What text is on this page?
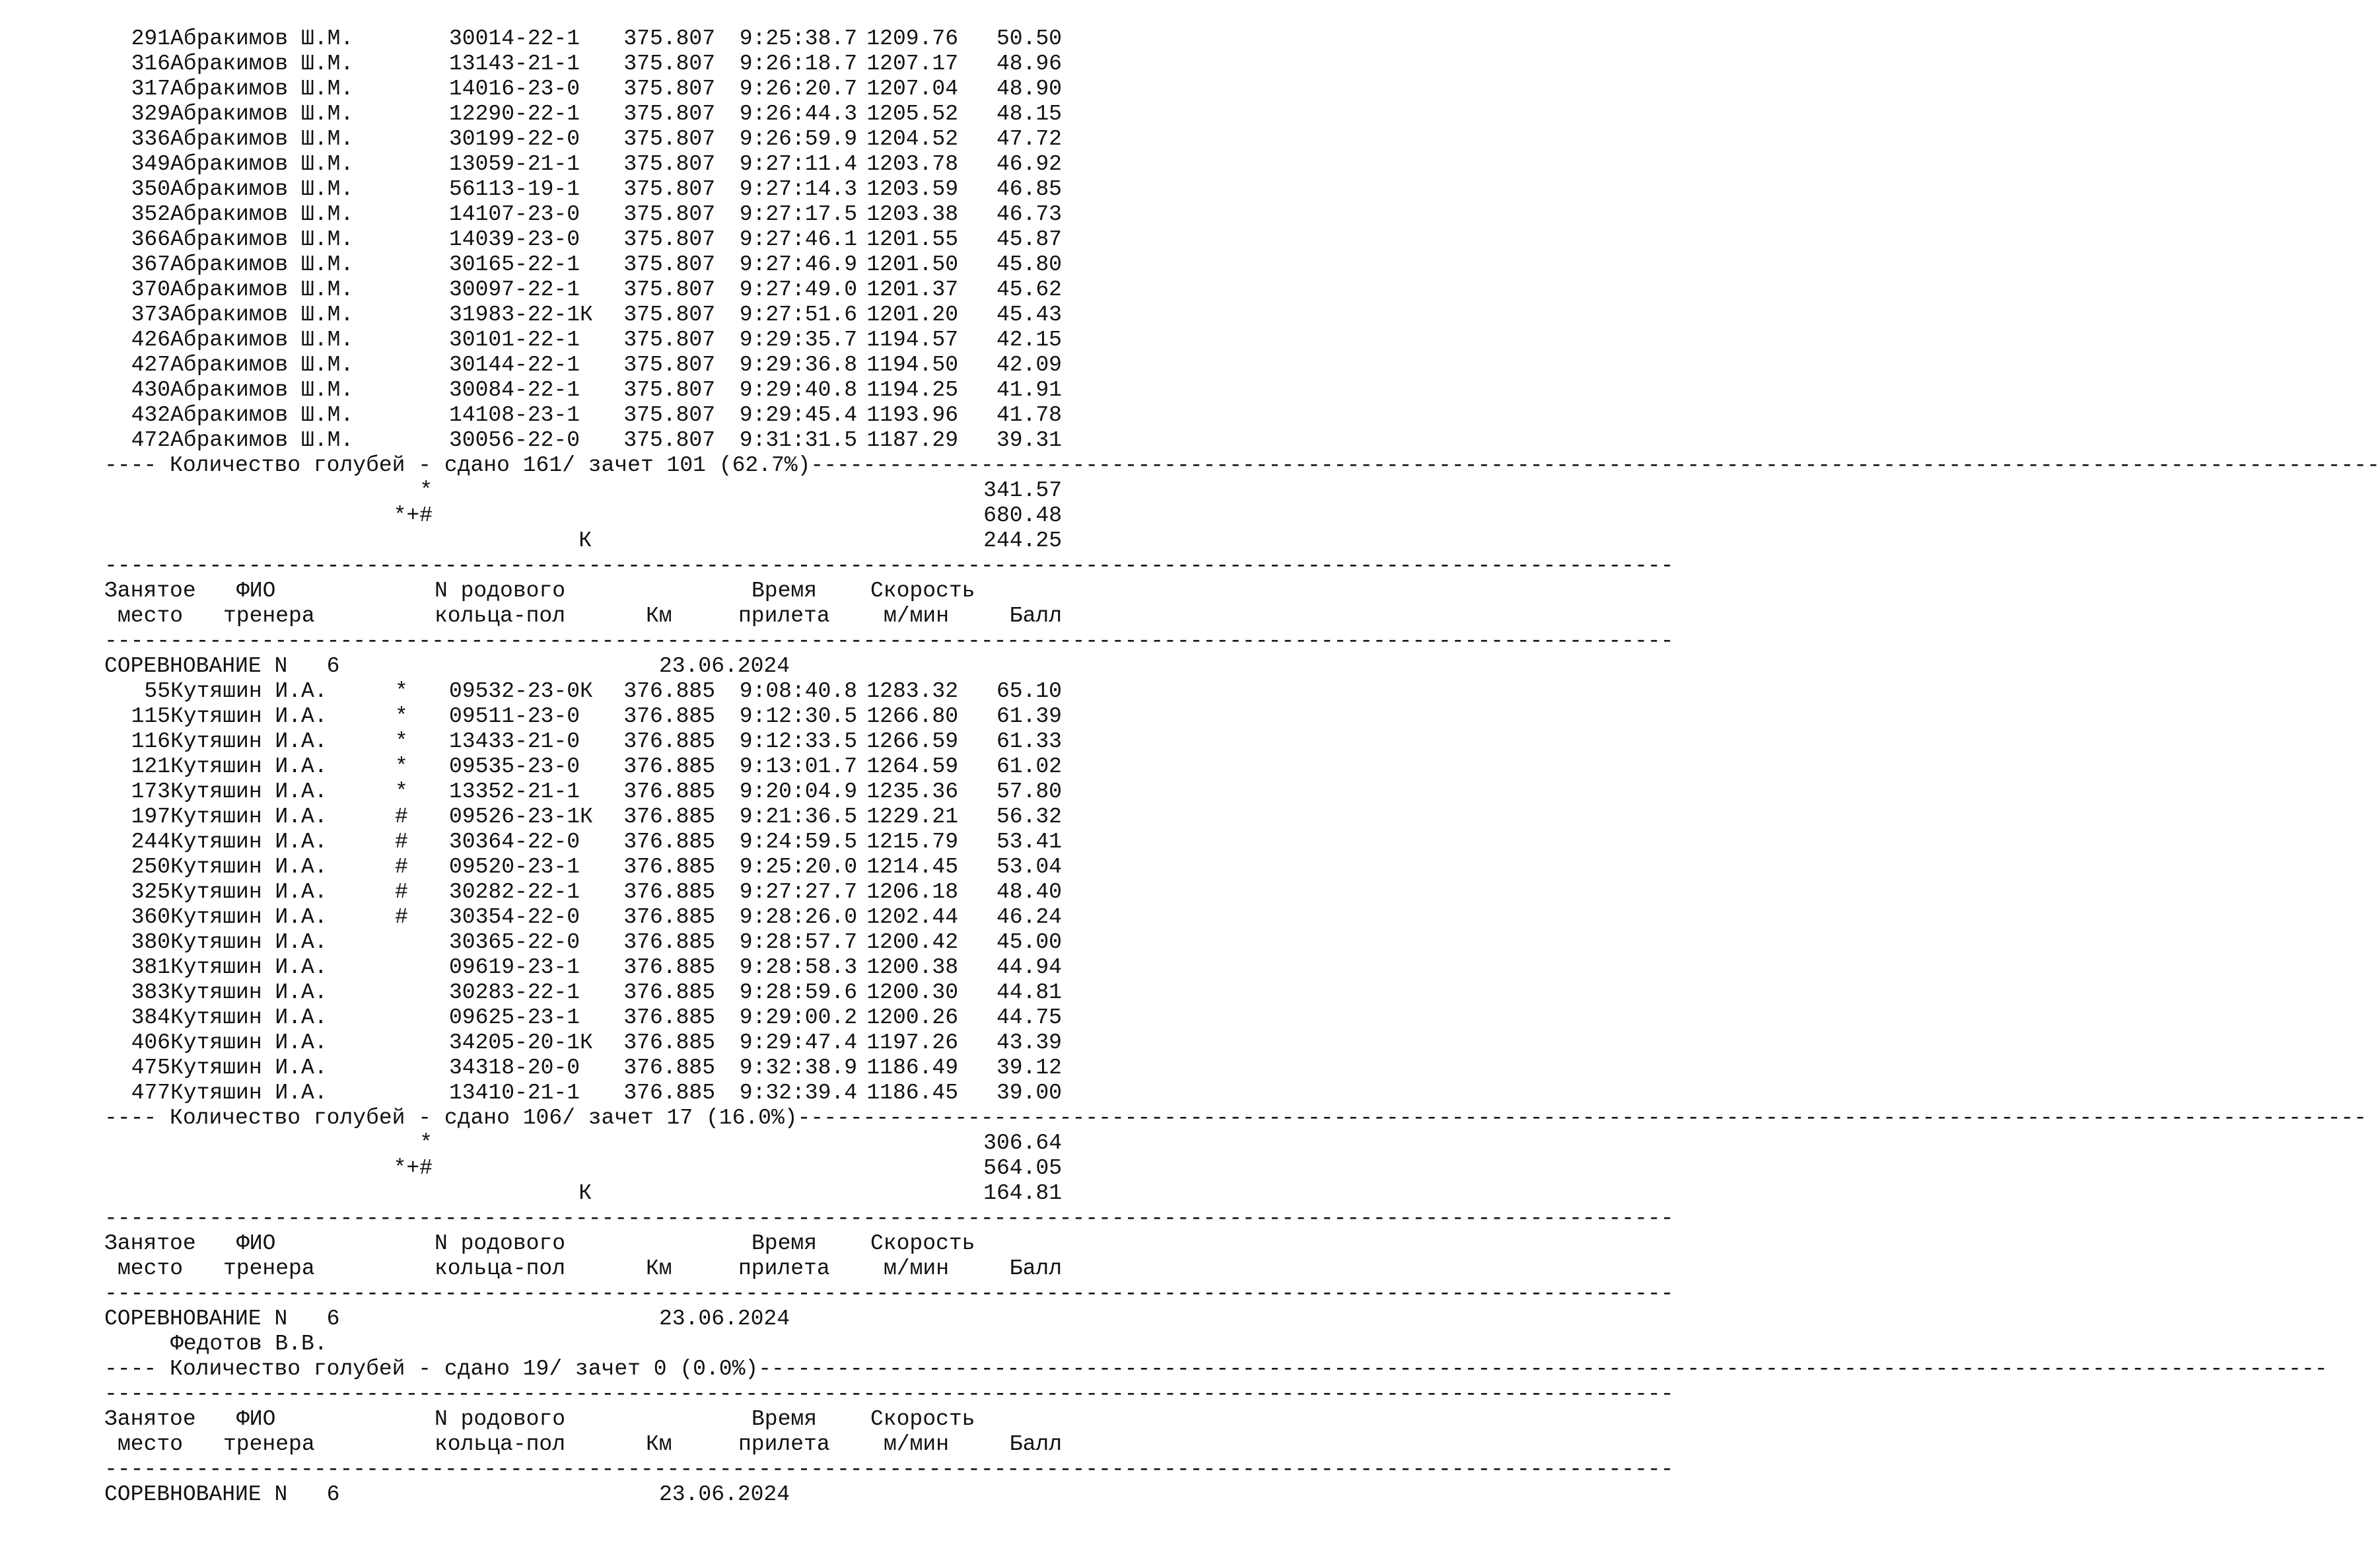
291 Абракимов Ш.М.	30014-22-1 375.807 9:25:38.7 1209.76 50.50
316 Абракимов Ш.М.	13143-21-1 375.807 9:26:18.7 1207.17 48.96
317 Абракимов Ш.М.	14016-23-0 375.807 9:26:20.7 1207.04 48.90
329 Абракимов Ш.М.	12290-22-1 375.807 9:26:44.3 1205.52 48.15
336 Абракимов Ш.М.	30199-22-0 375.807 9:26:59.9 1204.52 47.72
349 Абракимов Ш.М.	13059-21-1 375.807 9:27:11.4 1203.78 46.92
350 Абракимов Ш.М.	56113-19-1 375.807 9:27:14.3 1203.59 46.85
352 Абракимов Ш.М.	14107-23-0 375.807 9:27:17.5 1203.38 46.73
366 Абракимов Ш.М.	14039-23-0 375.807 9:27:46.1 1201.55 45.87
367 Абракимов Ш.М.	30165-22-1 375.807 9:27:46.9 1201.50 45.80
370 Абракимов Ш.М.	30097-22-1 375.807 9:27:49.0 1201.37 45.62
373 Абракимов Ш.М.	31983-22-1К 375.807 9:27:51.6 1201.20 45.43
426 Абракимов Ш.М.	30101-22-1 375.807 9:29:35.7 1194.57 42.15
427 Абракимов Ш.М.	30144-22-1 375.807 9:29:36.8 1194.50 42.09
430 Абракимов Ш.М.	30084-22-1 375.807 9:29:40.8 1194.25 41.91
432 Абракимов Ш.М.	14108-23-1 375.807 9:29:45.4 1193.96 41.78
472 Абракимов Ш.М.	30056-22-0 375.807 9:31:31.5 1187.29 39.31
---- Количество голубей - сдано 161/ зачет 101 (62.7%)------------------------------------------------------------------------------------------------------------------------
*	341.57
*+#	680.48
К	244.25
------------------------------------------------------------------------------------------------------------------------
Занятое ФИО	N родового	Время Скорость
место тренера	кольца-пол	Км	прилета м/мин	Балл
------------------------------------------------------------------------------------------------------------------------
СОРЕВНОВАНИЕ N   6	23.06.2024
55 Кутяшин И.А.	* 09532-23-0К 376.885 9:08:40.8 1283.32 65.10
115 Кутяшин И.А.	* 09511-23-0 376.885 9:12:30.5 1266.80 61.39
116 Кутяшин И.А.	* 13433-21-0 376.885 9:12:33.5 1266.59 61.33
121 Кутяшин И.А.	* 09535-23-0 376.885 9:13:01.7 1264.59 61.02
173 Кутяшин И.А.	* 13352-21-1 376.885 9:20:04.9 1235.36 57.80
197 Кутяшин И.А.	# 09526-23-1К 376.885 9:21:36.5 1229.21 56.32
244 Кутяшин И.А.	# 30364-22-0 376.885 9:24:59.5 1215.79 53.41
250 Кутяшин И.А.	# 09520-23-1 376.885 9:25:20.0 1214.45 53.04
325 Кутяшин И.А.	# 30282-22-1 376.885 9:27:27.7 1206.18 48.40
360 Кутяшин И.А.	# 30354-22-0 376.885 9:28:26.0 1202.44 46.24
380 Кутяшин И.А.	30365-22-0 376.885 9:28:57.7 1200.42 45.00
381 Кутяшин И.А.	09619-23-1 376.885 9:28:58.3 1200.38 44.94
383 Кутяшин И.А.	30283-22-1 376.885 9:28:59.6 1200.30 44.81
384 Кутяшин И.А.	09625-23-1 376.885 9:29:00.2 1200.26 44.75
406 Кутяшин И.А.	34205-20-1К 376.885 9:29:47.4 1197.26 43.39
475 Кутяшин И.А.	34318-20-0 376.885 9:32:38.9 1186.49 39.12
477 Кутяшин И.А.	13410-21-1 376.885 9:32:39.4 1186.45 39.00
---- Количество голубей - сдано 106/ зачет 17 (16.0%)------------------------------------------------------------------------------------------------------------------------
*	306.64
*+#	564.05
К	164.81
------------------------------------------------------------------------------------------------------------------------
Занятое ФИО	N родового	Время Скорость
место тренера	кольца-пол	Км	прилета м/мин	Балл
------------------------------------------------------------------------------------------------------------------------
СОРЕВНОВАНИЕ N   6	23.06.2024
Федотов В.В.
---- Количество голубей - сдано 19/ зачет 0 (0.0%)------------------------------------------------------------------------------------------------------------------------
------------------------------------------------------------------------------------------------------------------------
Занятое ФИО	N родового	Время Скорость
место тренера	кольца-пол	Км	прилета м/мин	Балл
------------------------------------------------------------------------------------------------------------------------
СОРЕВНОВАНИЕ N   6	23.06.2024
